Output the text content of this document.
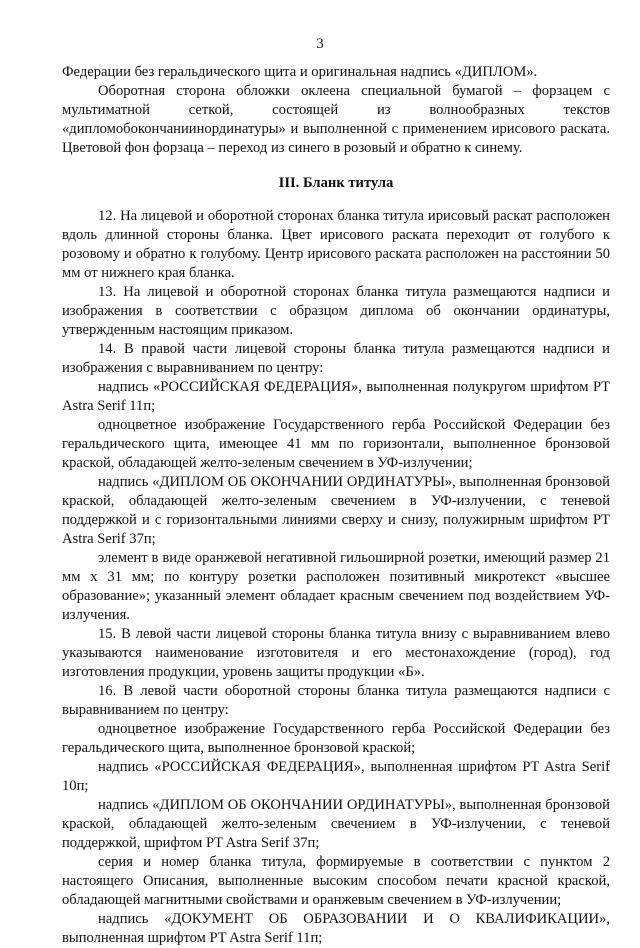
3

Федерации без геральдического щита и оригинальная надпись «ДИПЛОМ».

Оборотная сторона обложки оклеена специальной бумагой – форзацем с мультиматной сеткой, состоящей из волнообразных текстов «дипломобокончаниинординатуры» и выполненной с применением ирисового раската. Цветовой фон форзаца – переход из синего в розовый и обратно к синему.

III. Бланк титула

12. На лицевой и оборотной сторонах бланка титула ирисовый раскат расположен вдоль длинной стороны бланка. Цвет ирисового раската переходит от голубого к розовому и обратно к голубому. Центр ирисового раската расположен на расстоянии 50 мм от нижнего края бланка.

13. На лицевой и оборотной сторонах бланка титула размещаются надписи и изображения в соответствии с образцом диплома об окончании ординатуры, утвержденным настоящим приказом.

14. В правой части лицевой стороны бланка титула размещаются надписи и изображения с выравниванием по центру:

надпись «РОССИЙСКАЯ ФЕДЕРАЦИЯ», выполненная полукругом шрифтом PT Astra Serif 11п;

одноцветное изображение Государственного герба Российской Федерации без геральдического щита, имеющее 41 мм по горизонтали, выполненное бронзовой краской, обладающей желто-зеленым свечением в УФ-излучении;

надпись «ДИПЛОМ ОБ ОКОНЧАНИИ ОРДИНАТУРЫ», выполненная бронзовой краской, обладающей желто-зеленым свечением в УФ-излучении, с теневой поддержкой и с горизонтальными линиями сверху и снизу, полужирным шрифтом PT Astra Serif 37п;

элемент в виде оранжевой негативной гильоширной розетки, имеющий размер 21 мм х 31 мм; по контуру розетки расположен позитивный микротекст «высшее образование»; указанный элемент обладает красным свечением под воздействием УФ-излучения.

15. В левой части лицевой стороны бланка титула внизу с выравниванием влево указываются наименование изготовителя и его местонахождение (город), год изготовления продукции, уровень защиты продукции «Б».

16. В левой части оборотной стороны бланка титула размещаются надписи с выравниванием по центру:

одноцветное изображение Государственного герба Российской Федерации без геральдического щита, выполненное бронзовой краской;

надпись «РОССИЙСКАЯ ФЕДЕРАЦИЯ», выполненная шрифтом PT Astra Serif 10п;

надпись «ДИПЛОМ ОБ ОКОНЧАНИИ ОРДИНАТУРЫ», выполненная бронзовой краской, обладающей желто-зеленым свечением в УФ-излучении, с теневой поддержкой, шрифтом PT Astra Serif 37п;

серия и номер бланка титула, формируемые в соответствии с пунктом 2 настоящего Описания, выполненные высоким способом печати красной краской, обладающей магнитными свойствами и оранжевым свечением в УФ-излучении;

надпись «ДОКУМЕНТ ОБ ОБРАЗОВАНИИ И О КВАЛИФИКАЦИИ», выполненная шрифтом PT Astra Serif 11п;
